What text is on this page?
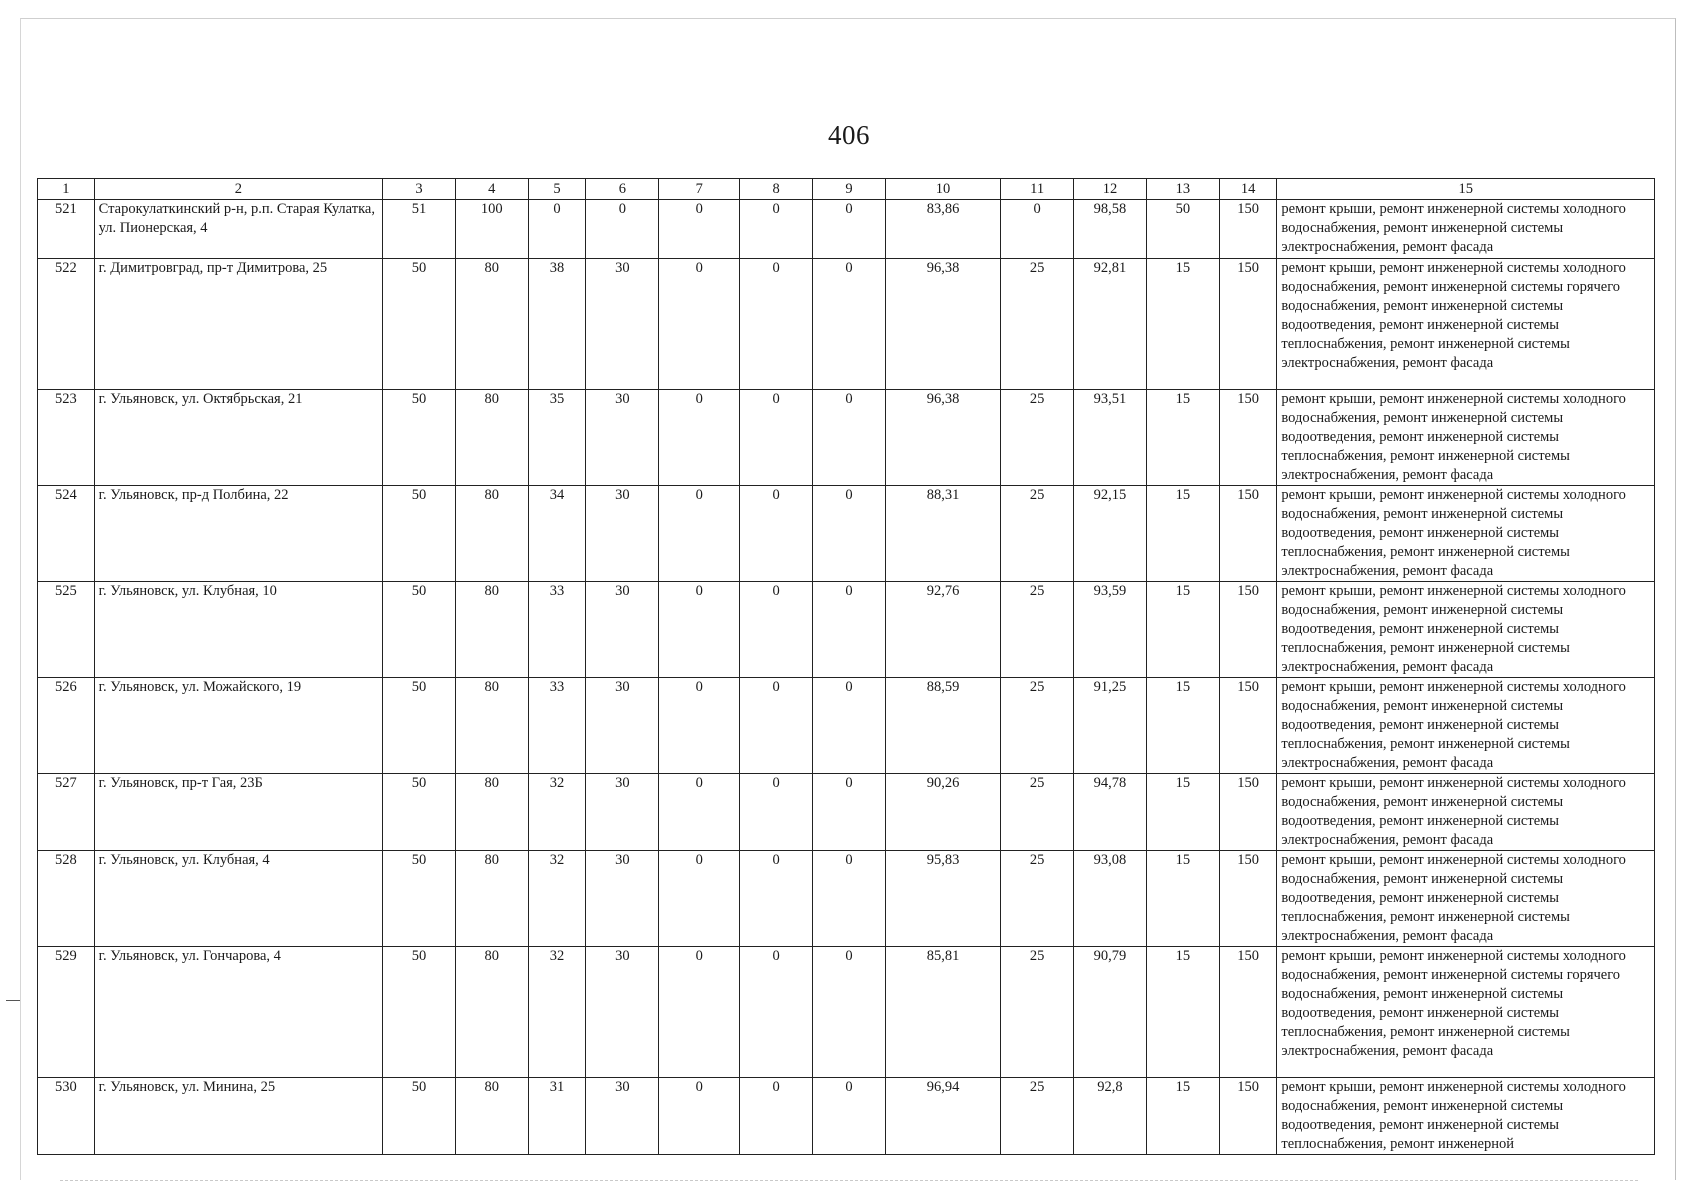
406
1	2	3	4	5	6	7	8	9	10	11	12	13	14	15
521	Старокулаткинский р-н, р.п. Старая Кулатка, ул. Пионерская, 4	51	100	0	0	0	0	0	83,86	0	98,58	50	150	ремонт крыши, ремонт инженерной системы холодного водоснабжения, ремонт инженерной системы электроснабжения, ремонт фасада
522	г. Димитровград, пр-т Димитрова, 25	50	80	38	30	0	0	0	96,38	25	92,81	15	150	ремонт крыши, ремонт инженерной системы холодного водоснабжения, ремонт инженерной системы горячего водоснабжения, ремонт инженерной системы водоотведения, ремонт инженерной системы теплоснабжения, ремонт инженерной системы электроснабжения, ремонт фасада
523	г. Ульяновск, ул. Октябрьская, 21	50	80	35	30	0	0	0	96,38	25	93,51	15	150	ремонт крыши, ремонт инженерной системы холодного водоснабжения, ремонт инженерной системы водоотведения, ремонт инженерной системы теплоснабжения, ремонт инженерной системы электроснабжения, ремонт фасада
524	г. Ульяновск, пр-д Полбина, 22	50	80	34	30	0	0	0	88,31	25	92,15	15	150	ремонт крыши, ремонт инженерной системы холодного водоснабжения, ремонт инженерной системы водоотведения, ремонт инженерной системы теплоснабжения, ремонт инженерной системы электроснабжения, ремонт фасада
525	г. Ульяновск, ул. Клубная, 10	50	80	33	30	0	0	0	92,76	25	93,59	15	150	ремонт крыши, ремонт инженерной системы холодного водоснабжения, ремонт инженерной системы водоотведения, ремонт инженерной системы теплоснабжения, ремонт инженерной системы электроснабжения, ремонт фасада
526	г. Ульяновск, ул. Можайского, 19	50	80	33	30	0	0	0	88,59	25	91,25	15	150	ремонт крыши, ремонт инженерной системы холодного водоснабжения, ремонт инженерной системы водоотведения, ремонт инженерной системы теплоснабжения, ремонт инженерной системы электроснабжения, ремонт фасада
527	г. Ульяновск, пр-т Гая, 23Б	50	80	32	30	0	0	0	90,26	25	94,78	15	150	ремонт крыши, ремонт инженерной системы холодного водоснабжения, ремонт инженерной системы водоотведения, ремонт инженерной системы электроснабжения, ремонт фасада
528	г. Ульяновск, ул. Клубная, 4	50	80	32	30	0	0	0	95,83	25	93,08	15	150	ремонт крыши, ремонт инженерной системы холодного водоснабжения, ремонт инженерной системы водоотведения, ремонт инженерной системы теплоснабжения, ремонт инженерной системы электроснабжения, ремонт фасада
529	г. Ульяновск, ул. Гончарова, 4	50	80	32	30	0	0	0	85,81	25	90,79	15	150	ремонт крыши, ремонт инженерной системы холодного водоснабжения, ремонт инженерной системы горячего водоснабжения, ремонт инженерной системы водоотведения, ремонт инженерной системы теплоснабжения, ремонт инженерной системы электроснабжения, ремонт фасада
530	г. Ульяновск, ул. Минина, 25	50	80	31	30	0	0	0	96,94	25	92,8	15	150	ремонт крыши, ремонт инженерной системы холодного водоснабжения, ремонт инженерной системы водоотведения, ремонт инженерной системы теплоснабжения, ремонт инженерной
